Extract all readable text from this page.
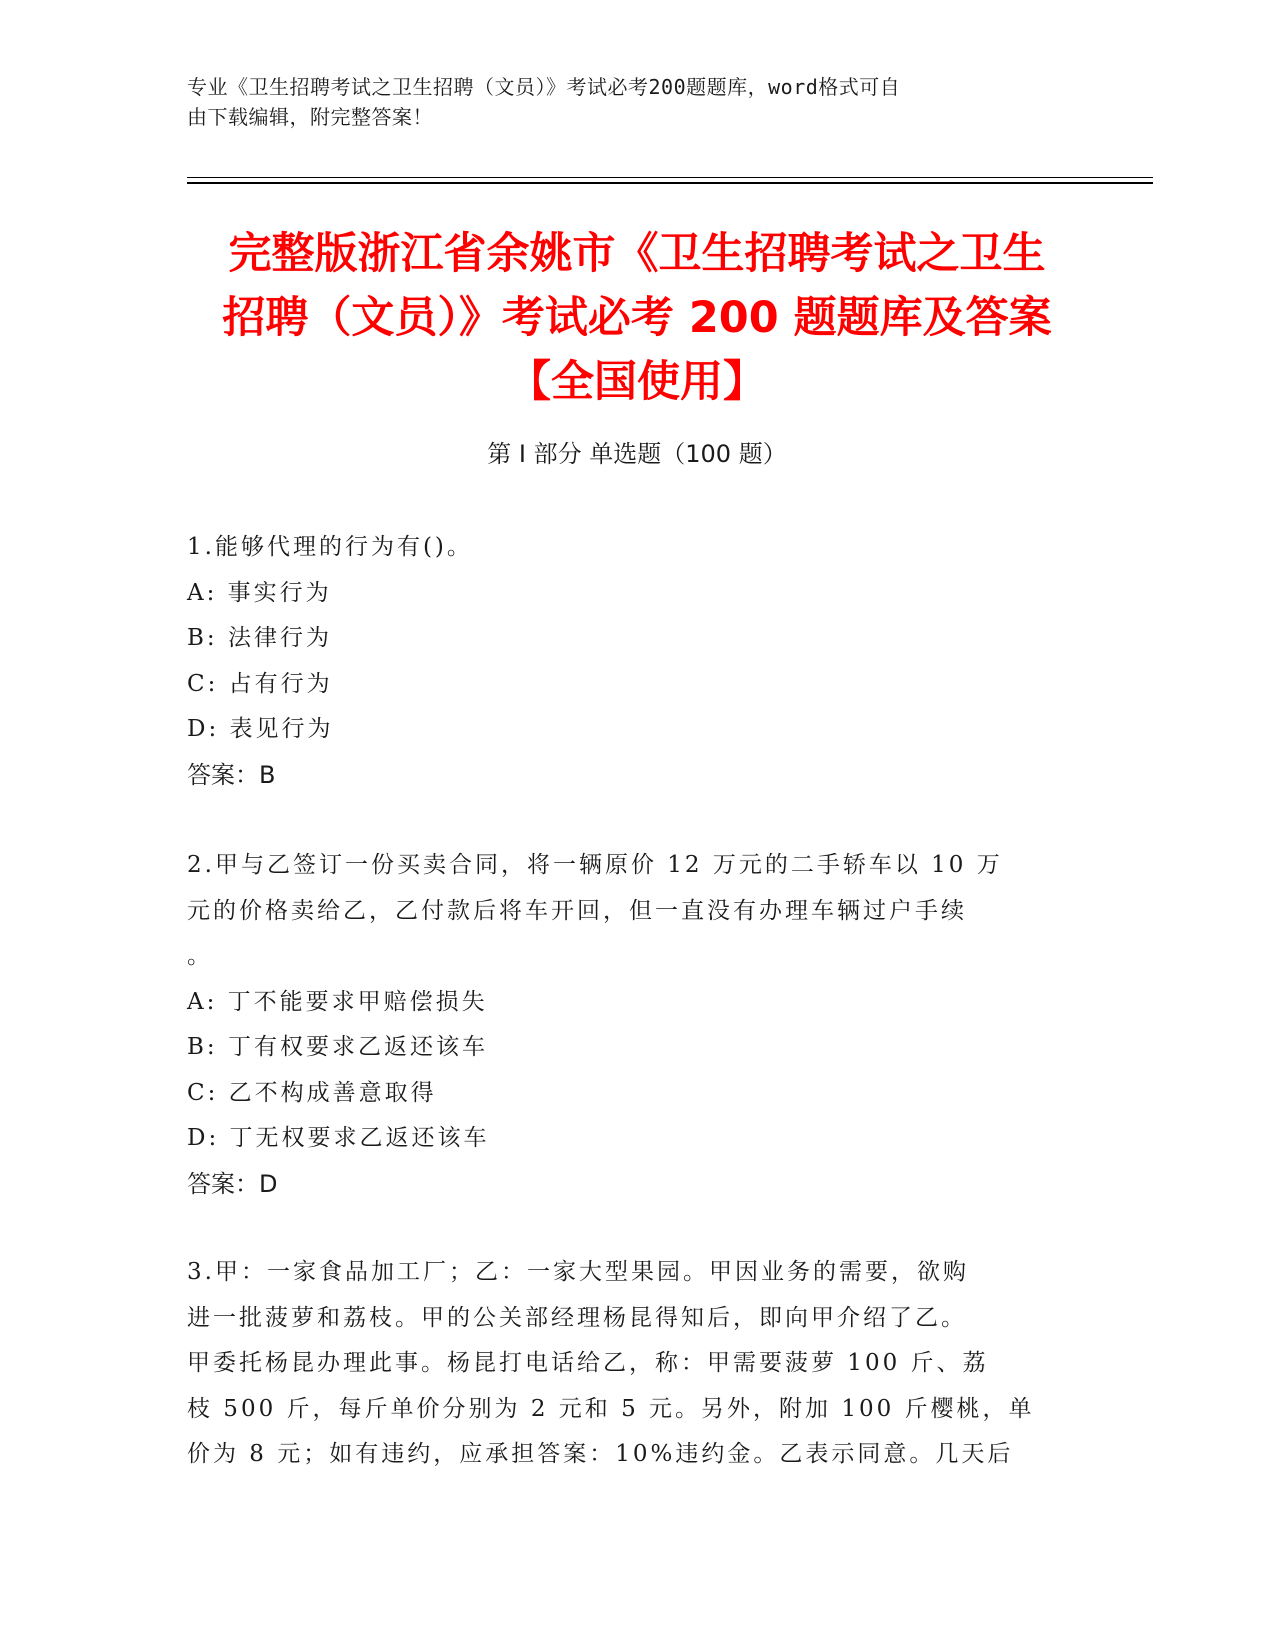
专业《卫生招聘考试之卫生招聘（文员）》考试必考200题题库，word格式可自
由下载编辑，附完整答案！
完整版浙江省余姚市《卫生招聘考试之卫生
招聘（文员）》考试必考 200 题题库及答案
【全国使用】
第 I 部分 单选题（100 题）
1.能够代理的行为有()。
A: 事实行为
B: 法律行为
C: 占有行为
D: 表见行为
答案：B
2.甲与乙签订一份买卖合同，将一辆原价 12 万元的二手轿车以 10 万
元的价格卖给乙，乙付款后将车开回，但一直没有办理车辆过户手续
。
A: 丁不能要求甲赔偿损失
B: 丁有权要求乙返还该车
C: 乙不构成善意取得
D: 丁无权要求乙返还该车
答案：D
3.甲：一家食品加工厂；乙：一家大型果园。甲因业务的需要，欲购
进一批菠萝和荔枝。甲的公关部经理杨昆得知后，即向甲介绍了乙。
甲委托杨昆办理此事。杨昆打电话给乙，称：甲需要菠萝 100 斤、荔
枝 500 斤，每斤单价分别为 2 元和 5 元。另外，附加 100 斤樱桃，单
价为 8 元；如有违约，应承担答案：10%违约金。乙表示同意。几天后
